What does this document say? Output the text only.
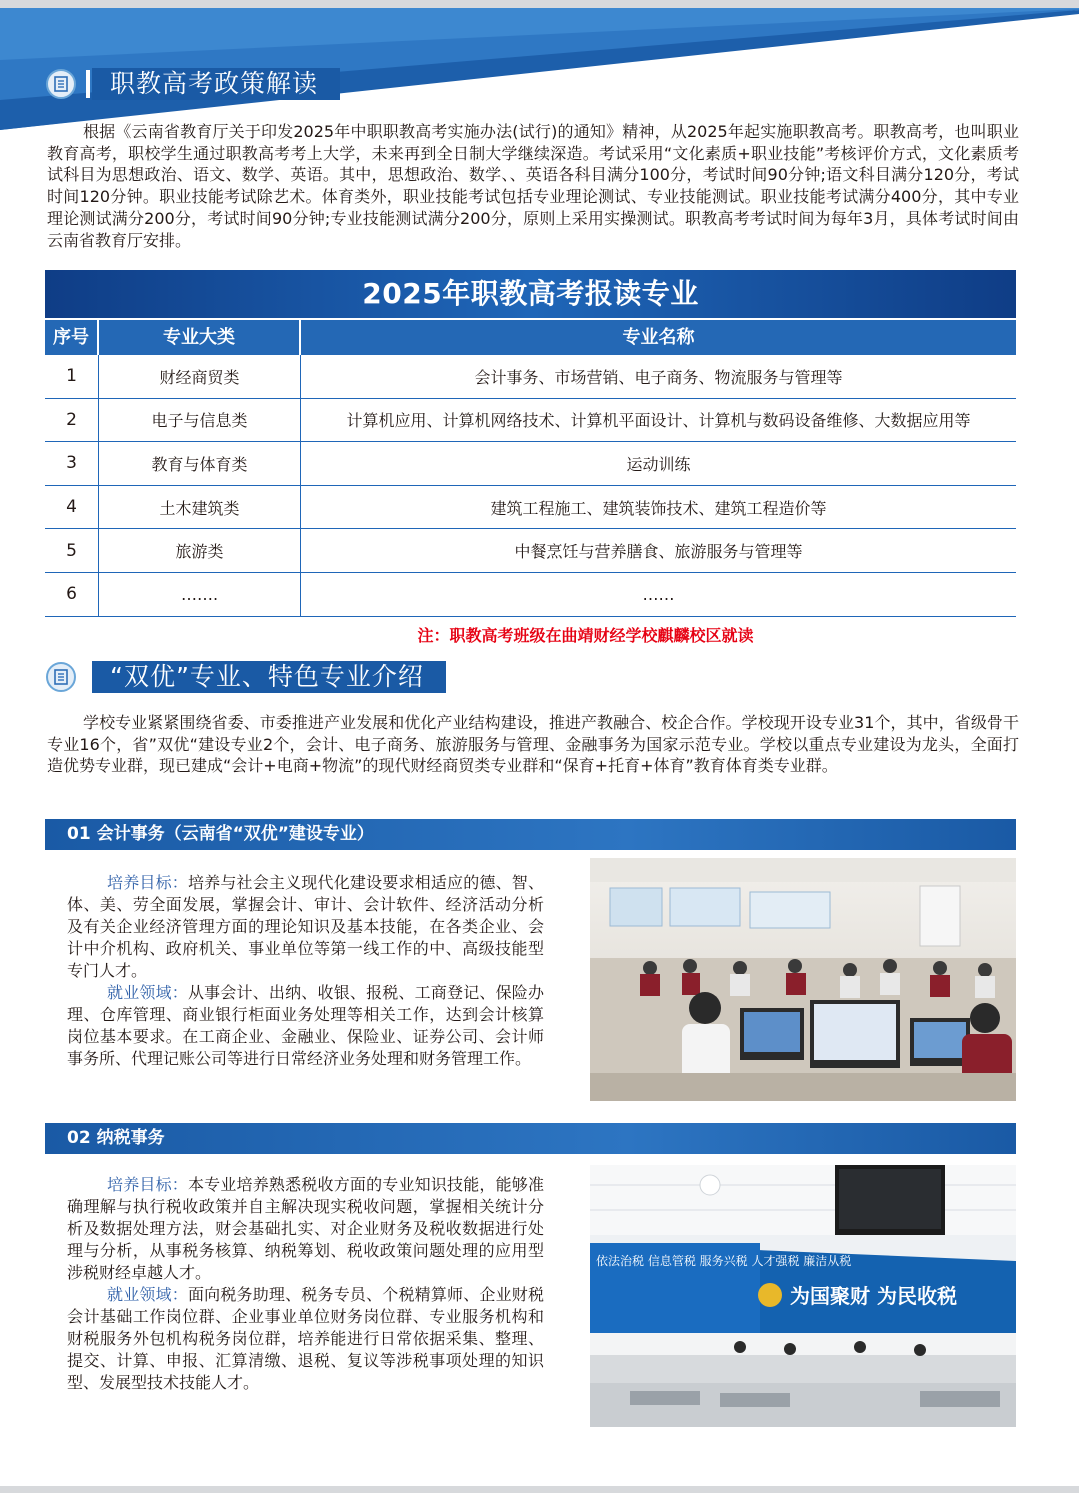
职教高考政策解读

根据《云南省教育厅关于印发2025年中职职教高考实施办法(试行)的通知》精神，从2025年起实施职教高考。职教高考，也叫职业教育高考，职校学生通过职教高考考上大学，未来再到全日制大学继续深造。考试采用“文化素质+职业技能”考核评价方式，文化素质考试科目为思想政治、语文、数学、英语。其中，思想政治、数学、、英语各科目满分100分，考试时间90分钟;语文科目满分120分，考试时间120分钟。职业技能考试除艺术。体育类外，职业技能考试包括专业理论测试、专业技能测试。职业技能考试满分400分，其中专业理论测试满分200分，考试时间90分钟;专业技能测试满分200分，原则上采用实操测试。职教高考考试时间为每年3月，具体考试时间由云南省教育厅安排。

2025年职教高考报读专业
序号	专业大类	专业名称
1	财经商贸类	会计事务、市场营销、电子商务、物流服务与管理等
2	电子与信息类	计算机应用、计算机网络技术、计算机平面设计、计算机与数码设备维修、大数据应用等
3	教育与体育类	运动训练
4	土木建筑类	建筑工程施工、建筑装饰技术、建筑工程造价等
5	旅游类	中餐烹饪与营养膳食、旅游服务与管理等
6	…….	……
注：职教高考班级在曲靖财经学校麒麟校区就读
“双优”专业、特色专业介绍

学校专业紧紧围绕省委、市委推进产业发展和优化产业结构建设，推进产教融合、校企合作。学校现开设专业31个，其中，省级骨干专业16个，省”双优“建设专业2个，会计、电子商务、旅游服务与管理、金融事务为国家示范专业。学校以重点专业建设为龙头，全面打造优势专业群，现已建成“会计+电商+物流”的现代财经商贸类专业群和“保育+托育+体育”教育体育类专业群。

01 会计事务（云南省“双优”建设专业）

培养目标：培养与社会主义现代化建设要求相适应的德、智、体、美、劳全面发展，掌握会计、审计、会计软件、经济活动分析及有关企业经济管理方面的理论知识及基本技能，在各类企业、会计中介机构、政府机关、事业单位等第一线工作的中、高级技能型专门人才。

就业领域：从事会计、出纳、收银、报税、工商登记、保险办理、仓库管理、商业银行柜面业务处理等相关工作，达到会计核算岗位基本要求。在工商企业、金融业、保险业、证券公司、会计师事务所、代理记账公司等进行日常经济业务处理和财务管理工作。

02 纳税事务

培养目标：本专业培养熟悉税收方面的专业知识技能，能够准确理解与执行税收政策并自主解决现实税收问题，掌握相关统计分析及数据处理方法，财会基础扎实、对企业财务及税收数据进行处理与分析，从事税务核算、纳税筹划、税收政策问题处理的应用型涉税财经卓越人才。

就业领域：面向税务助理、税务专员、个税精算师、企业财税会计基础工作岗位群、企业事业单位财务岗位群、专业服务机构和财税服务外包机构税务岗位群，培养能进行日常依据采集、整理、提交、计算、申报、汇算清缴、退税、复议等涉税事项处理的知识型、发展型技术技能人才。

依法治税 信息管税 服务兴税 人才强税 廉洁从税
为国聚财 为民收税
